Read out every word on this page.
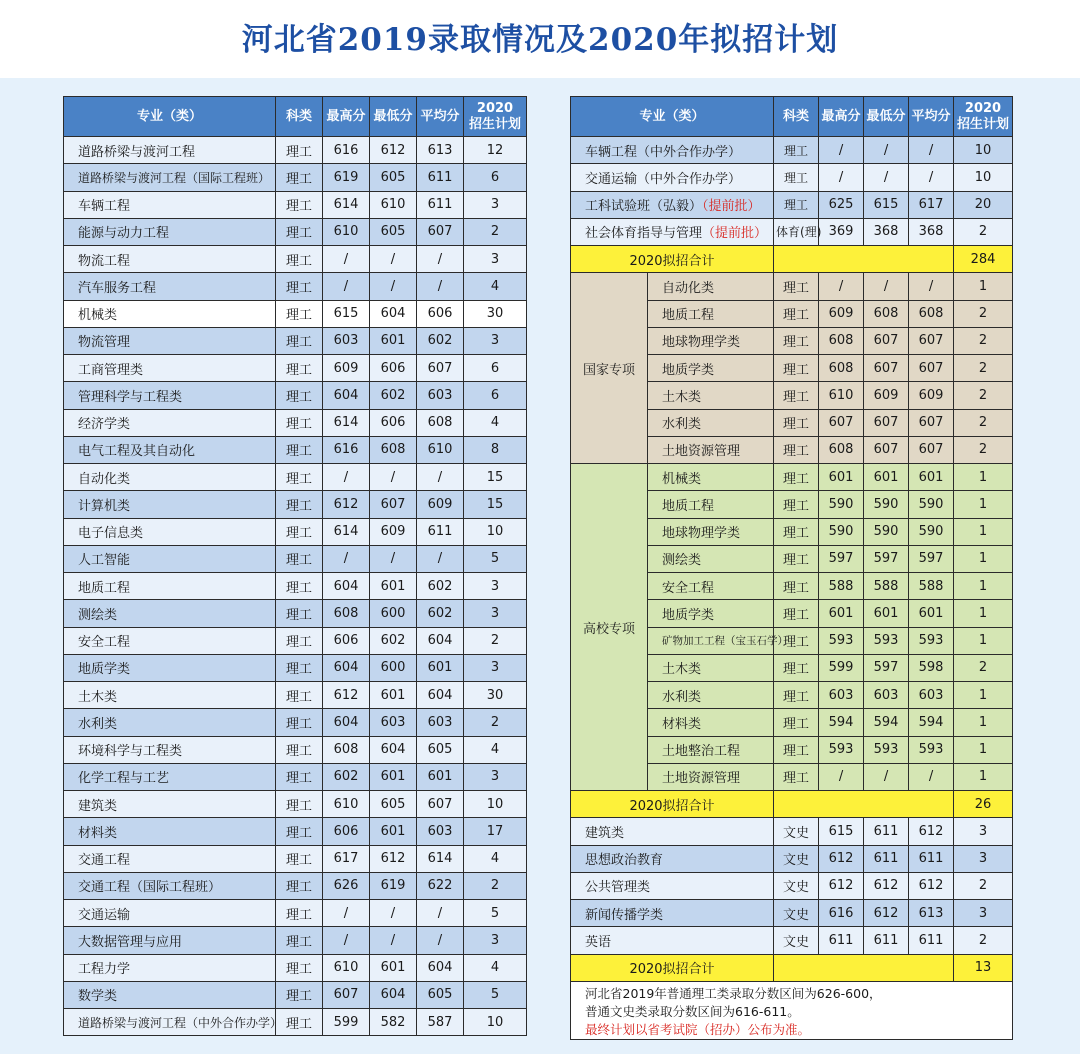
河北省2019录取情况及2020年拟招计划
专业（类）	科类	最高分	最低分	平均分	2020
招生计划
道路桥梁与渡河工程	理工	616	612	613	12
道路桥梁与渡河工程（国际工程班）	理工	619	605	611	6
车辆工程	理工	614	610	611	3
能源与动力工程	理工	610	605	607	2
物流工程	理工	/	/	/	3
汽车服务工程	理工	/	/	/	4
机械类	理工	615	604	606	30
物流管理	理工	603	601	602	3
工商管理类	理工	609	606	607	6
管理科学与工程类	理工	604	602	603	6
经济学类	理工	614	606	608	4
电气工程及其自动化	理工	616	608	610	8
自动化类	理工	/	/	/	15
计算机类	理工	612	607	609	15
电子信息类	理工	614	609	611	10
人工智能	理工	/	/	/	5
地质工程	理工	604	601	602	3
测绘类	理工	608	600	602	3
安全工程	理工	606	602	604	2
地质学类	理工	604	600	601	3
土木类	理工	612	601	604	30
水利类	理工	604	603	603	2
环境科学与工程类	理工	608	604	605	4
化学工程与工艺	理工	602	601	601	3
建筑类	理工	610	605	607	10
材料类	理工	606	601	603	17
交通工程	理工	617	612	614	4
交通工程（国际工程班）	理工	626	619	622	2
交通运输	理工	/	/	/	5
大数据管理与应用	理工	/	/	/	3
工程力学	理工	610	601	604	4
数学类	理工	607	604	605	5
道路桥梁与渡河工程（中外合作办学）	理工	599	582	587	10
专业（类）		科类	最高分	最低分	平均分	2020
招生计划
车辆工程（中外合作办学）		理工	/	/	/	10
交通运输（中外合作办学）		理工	/	/	/	10
工科试验班（弘毅）（提前批）		理工	625	615	617	20
社会体育指导与管理（提前批）		体育(理)	369	368	368	2
2020拟招合计						284
国家专项	自动化类	理工	/	/	/	1
	地质工程	理工	609	608	608	2
	地球物理学类	理工	608	607	607	2
	地质学类	理工	608	607	607	2
	土木类	理工	610	609	609	2
	水利类	理工	607	607	607	2
	土地资源管理	理工	608	607	607	2
高校专项	机械类	理工	601	601	601	1
	地质工程	理工	590	590	590	1
	地球物理学类	理工	590	590	590	1
	测绘类	理工	597	597	597	1
	安全工程	理工	588	588	588	1
	地质学类	理工	601	601	601	1
	矿物加工工程（宝玉石学）	理工	593	593	593	1
	土木类	理工	599	597	598	2
	水利类	理工	603	603	603	1
	材料类	理工	594	594	594	1
	土地整治工程	理工	593	593	593	1
	土地资源管理	理工	/	/	/	1
2020拟招合计						26
建筑类		文史	615	611	612	3
思想政治教育		文史	612	611	611	3
公共管理类		文史	612	612	612	2
新闻传播学类		文史	616	612	613	3
英语		文史	611	611	611	2
2020拟招合计						13

河北省2019年普通理工类录取分数区间为626-600，
普通文史类录取分数区间为616-611。
最终计划以省考试院（招办）公布为准。						
